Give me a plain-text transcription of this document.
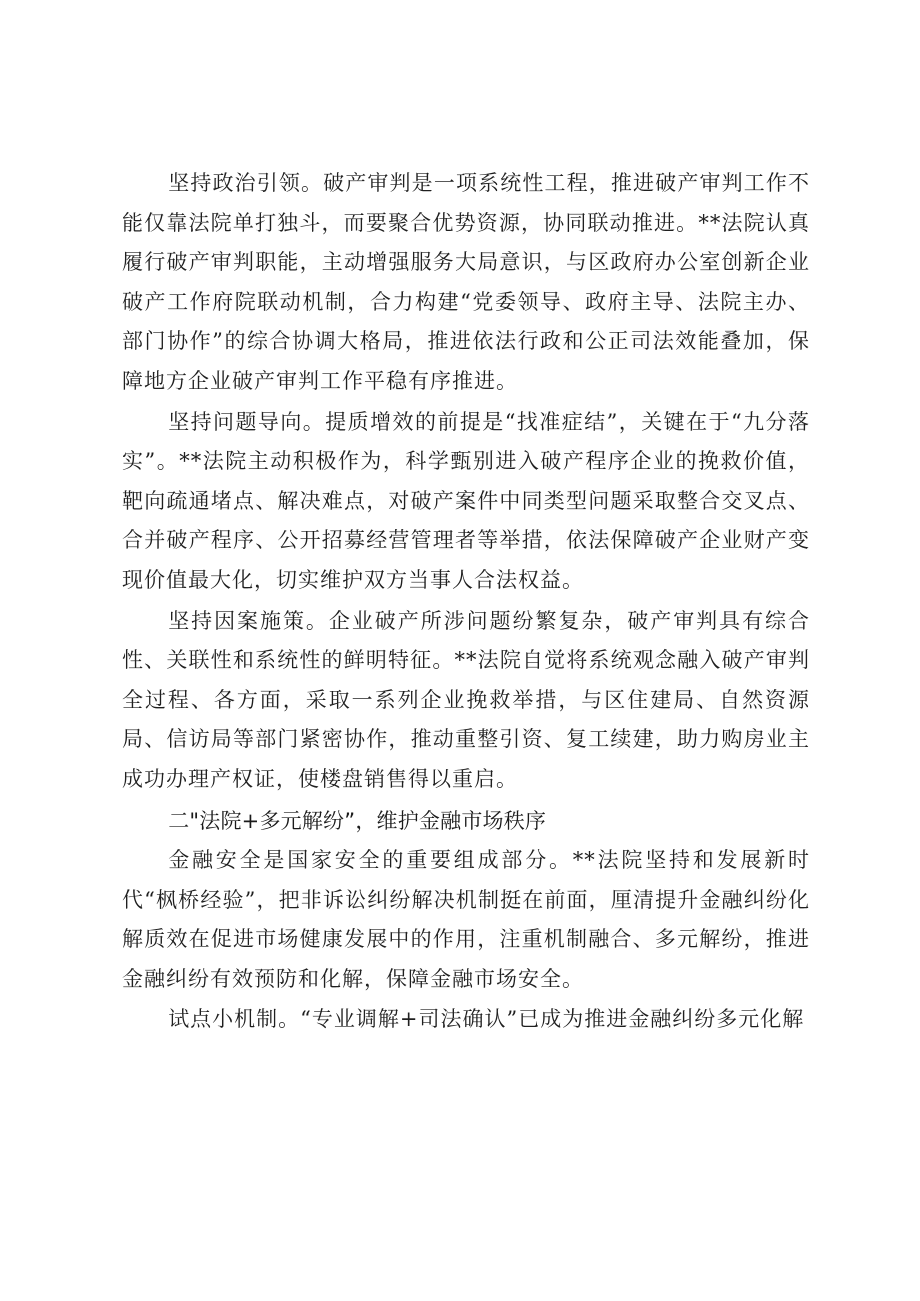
坚持政治引领。破产审判是一项系统性工程，推进破产审判工作不能仅靠法院单打独斗，而要聚合优势资源，协同联动推进。**法院认真履行破产审判职能，主动增强服务大局意识，与区政府办公室创新企业破产工作府院联动机制，合力构建“党委领导、政府主导、法院主办、部门协作”的综合协调大格局，推进依法行政和公正司法效能叠加，保障地方企业破产审判工作平稳有序推进。

坚持问题导向。提质增效的前提是“找准症结”，关键在于“九分落实”。**法院主动积极作为，科学甄别进入破产程序企业的挽救价值，靶向疏通堵点、解决难点，对破产案件中同类型问题采取整合交叉点、合并破产程序、公开招募经营管理者等举措，依法保障破产企业财产变现价值最大化，切实维护双方当事人合法权益。

坚持因案施策。企业破产所涉问题纷繁复杂，破产审判具有综合性、关联性和系统性的鲜明特征。**法院自觉将系统观念融入破产审判全过程、各方面，采取一系列企业挽救举措，与区住建局、自然资源局、信访局等部门紧密协作，推动重整引资、复工续建，助力购房业主成功办理产权证，使楼盘销售得以重启。

二"法院+多元解纷”，维护金融市场秩序

金融安全是国家安全的重要组成部分。**法院坚持和发展新时代“枫桥经验”，把非诉讼纠纷解决机制挺在前面，厘清提升金融纠纷化解质效在促进市场健康发展中的作用，注重机制融合、多元解纷，推进金融纠纷有效预防和化解，保障金融市场安全。

试点小机制。“专业调解+司法确认”已成为推进金融纠纷多元化解
